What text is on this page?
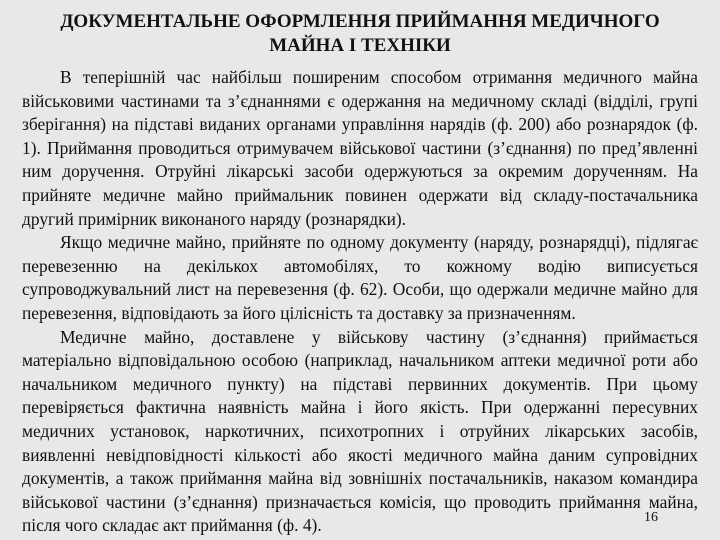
ДОКУМЕНТАЛЬНЕ ОФОРМЛЕННЯ ПРИЙМАННЯ МЕДИЧНОГО
МАЙНА І ТЕХНІКИ

В теперішній час найбільш поширеним способом отримання медичного майна військовими частинами та з’єднаннями є одержання на медичному складі (відділі, групі зберігання) на підставі виданих органами управління нарядів (ф. 200) або рознарядок (ф. 1). Приймання проводиться отримувачем військової частини (з’єднання) по пред’явленні ним доручення. Отруйні лікарські засоби одержуються за окремим дорученням. На прийняте медичне майно приймальник повинен одержати від складу-постачальника другий примірник виконаного наряду (рознарядки).

Якщо медичне майно, прийняте по одному документу (наряду, рознарядці), підлягає перевезенню на декількох автомобілях, то кожному водію виписується супроводжувальний лист на перевезення (ф. 62). Особи, що одержали медичне майно для перевезення, відповідають за його цілісність та доставку за призначенням.

Медичне майно, доставлене у військову частину (з’єднання) приймається матеріально відповідальною особою (наприклад, начальником аптеки медичної роти або начальником медичного пункту) на підставі первинних документів. При цьому перевіряється фактична наявність майна і його якість. При одержанні пересувних медичних установок, наркотичних, психотропних і отруйних лікарських засобів, виявленні невідповідності кількості або якості медичного майна даним супровідних документів, а також приймання майна від зовнішніх постачальників, наказом командира військової частини (з’єднання) призначається комісія, що проводить приймання майна, після чого складає акт приймання (ф. 4).	16
